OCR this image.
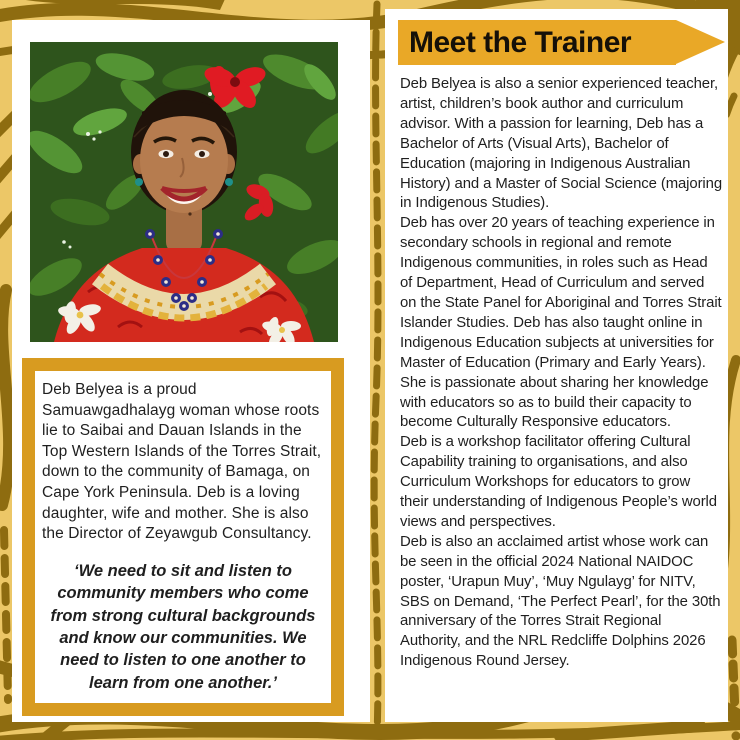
Deb Belyea is a proud Samuawgadhalayg woman whose roots lie to Saibai and Dauan Islands in the Top Western Islands of the Torres Strait, down to the community of Bamaga, on Cape York Peninsula. Deb is a loving daughter, wife and mother. She is also the Director of Zeyawgub Consultancy.

‘We need to sit and listen to community members who come from strong cultural backgrounds and know our communities. We need to listen to one another to learn from one another.’

Meet the Trainer

Deb Belyea is also a senior experienced teacher, artist, children’s book author and curriculum advisor. With a passion for learning, Deb has a Bachelor of Arts (Visual Arts), Bachelor of Education (majoring in Indigenous Australian History) and a Master of Social Science (majoring in Indigenous Studies).

Deb has over 20 years of teaching experience in secondary schools in regional and remote Indigenous communities, in roles such as Head of Department, Head of Curriculum and served on the State Panel for Aboriginal and Torres Strait Islander Studies. Deb has also taught online in Indigenous Education subjects at universities for Master of Education (Primary and Early Years). She is passionate about sharing her knowledge with educators so as to build their capacity to become Culturally Responsive educators.

Deb is a workshop facilitator offering Cultural Capability training to organisations, and also Curriculum Workshops for educators to grow their understanding of Indigenous People’s world views and perspectives.

Deb is also an acclaimed artist whose work can be seen in the official 2024 National NAIDOC poster, ‘Urapun Muy’, ‘Muy Ngulayg’ for NITV, SBS on Demand, ‘The Perfect Pearl’, for the 30th anniversary of the Torres Strait Regional Authority, and the NRL Redcliffe Dolphins 2026 Indigenous Round Jersey.
